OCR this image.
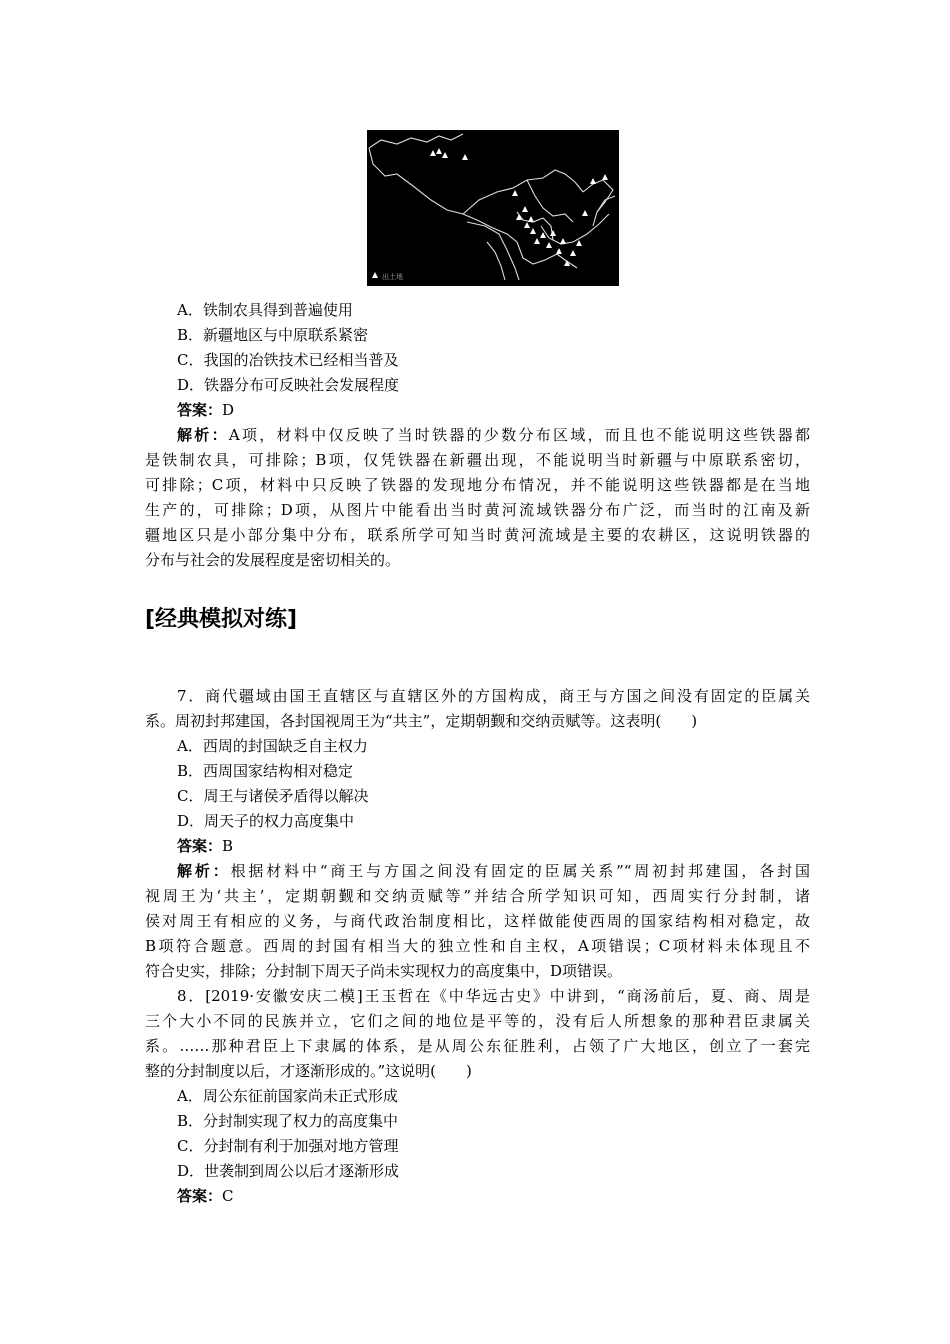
出土地
A．铁制农具得到普遍使用
B．新疆地区与中原联系紧密
C．我国的冶铁技术已经相当普及
D．铁器分布可反映社会发展程度
答案：D
解析：A项，材料中仅反映了当时铁器的少数分布区域，而且也不能说明这些铁器都
是铁制农具，可排除；B项，仅凭铁器在新疆出现，不能说明当时新疆与中原联系密切，
可排除；C项，材料中只反映了铁器的发现地分布情况，并不能说明这些铁器都是在当地
生产的，可排除；D项，从图片中能看出当时黄河流域铁器分布广泛，而当时的江南及新
疆地区只是小部分集中分布，联系所学可知当时黄河流域是主要的农耕区，这说明铁器的
分布与社会的发展程度是密切相关的。
[经典模拟对练]
7．商代疆域由国王直辖区与直辖区外的方国构成，商王与方国之间没有固定的臣属关
系。周初封邦建国，各封国视周王为“共主”，定期朝觐和交纳贡赋等。这表明(　　)
A．西周的封国缺乏自主权力
B．西周国家结构相对稳定
C．周王与诸侯矛盾得以解决
D．周天子的权力高度集中
答案：B
解析：根据材料中“商王与方国之间没有固定的臣属关系”“周初封邦建国，各封国
视周王为‘共主’，定期朝觐和交纳贡赋等”并结合所学知识可知，西周实行分封制，诸
侯对周王有相应的义务，与商代政治制度相比，这样做能使西周的国家结构相对稳定，故
B项符合题意。西周的封国有相当大的独立性和自主权，A项错误；C项材料未体现且不
符合史实，排除；分封制下周天子尚未实现权力的高度集中，D项错误。
8．[2019·安徽安庆二模]王玉哲在《中华远古史》中讲到，“商汤前后，夏、商、周是
三个大小不同的民族并立，它们之间的地位是平等的，没有后人所想象的那种君臣隶属关
系。……那种君臣上下隶属的体系，是从周公东征胜利，占领了广大地区，创立了一套完
整的分封制度以后，才逐渐形成的。”这说明(　　)
A．周公东征前国家尚未正式形成
B．分封制实现了权力的高度集中
C．分封制有利于加强对地方管理
D．世袭制到周公以后才逐渐形成
答案：C
